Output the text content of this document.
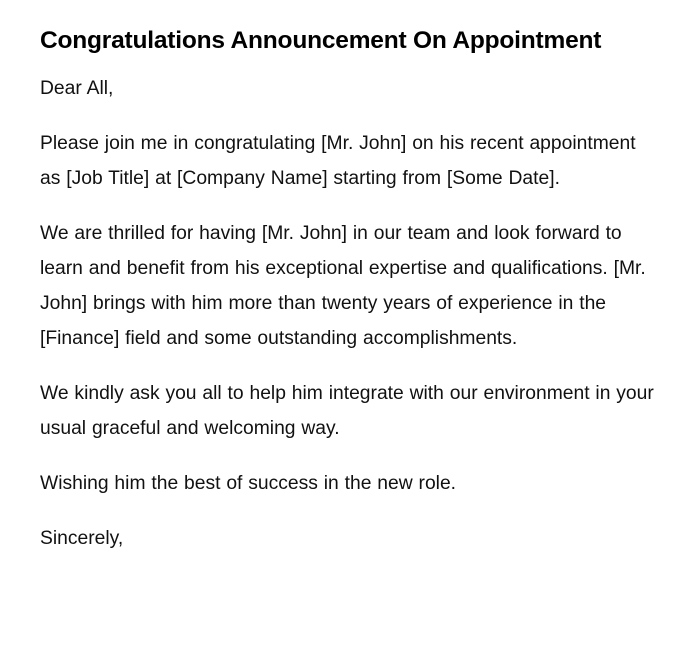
Congratulations Announcement On Appointment

Dear All,

Please join me in congratulating [Mr. John] on his recent appointment as [Job Title] at [Company Name] starting from [Some Date].

We are thrilled for having [Mr. John] in our team and look forward to learn and benefit from his exceptional expertise and qualifications. [Mr. John] brings with him more than twenty years of experience in the [Finance] field and some outstanding accomplishments.

We kindly ask you all to help him integrate with our environment in your usual graceful and welcoming way.

Wishing him the best of success in the new role.

Sincerely,
